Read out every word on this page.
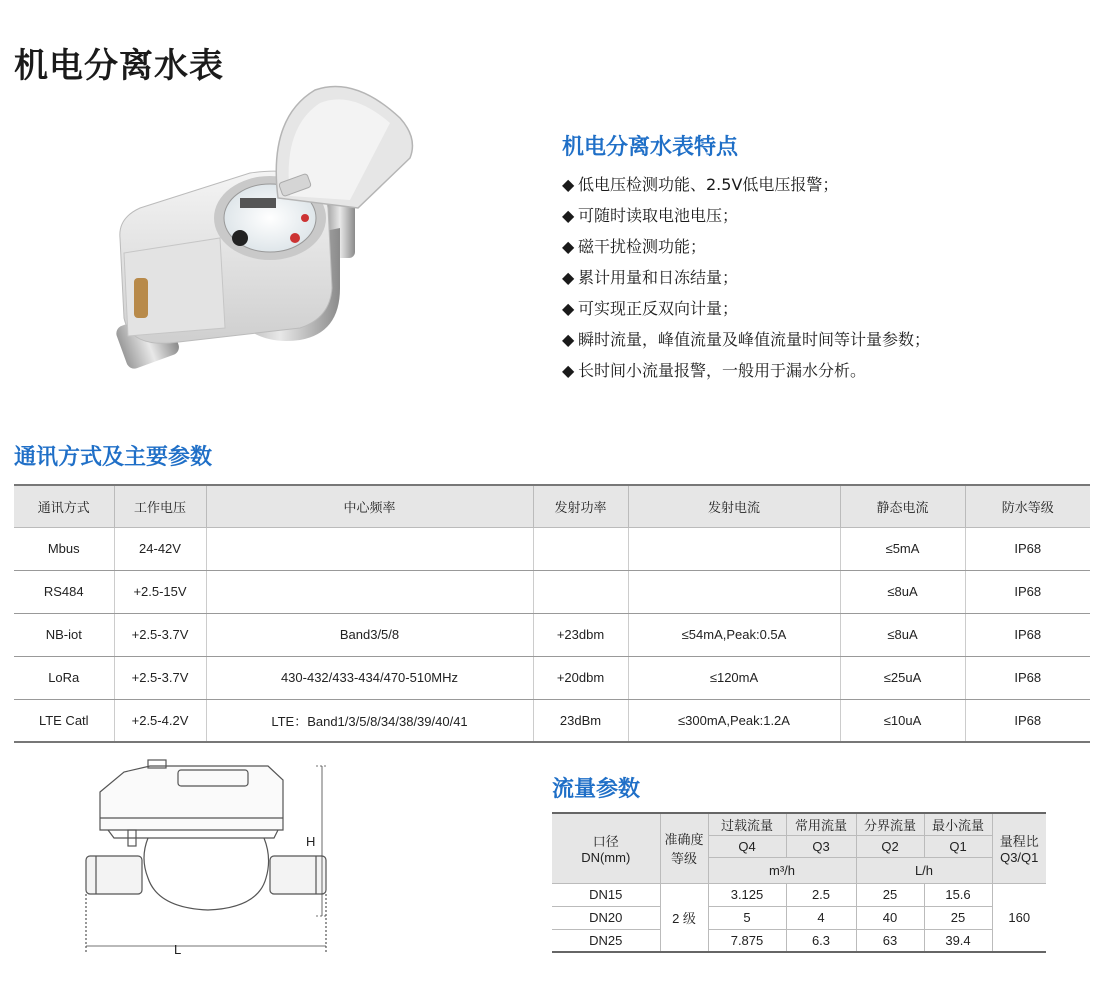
机电分离水表
机电分离水表特点
◆ 低电压检测功能、2.5V低电压报警；
◆ 可随时读取电池电压；
◆ 磁干扰检测功能；
◆ 累计用量和日冻结量；
◆ 可实现正反双向计量；
◆ 瞬时流量，峰值流量及峰值流量时间等计量参数；
◆ 长时间小流量报警，一般用于漏水分析。
通讯方式及主要参数
通讯方式	工作电压	中心频率	发射功率	发射电流	静态电流	防水等级
Mbus	24-42V				≤5mA	IP68
RS484	+2.5-15V				≤8uA	IP68
NB-iot	+2.5-3.7V	Band3/5/8	+23dbm	≤54mA,Peak:0.5A	≤8uA	IP68
LoRa	+2.5-3.7V	430-432/433-434/470-510MHz	+20dbm	≤120mA	≤25uA	IP68
LTE Catl	+2.5-4.2V	LTE：Band1/3/5/8/34/38/39/40/41	23dBm	≤300mA,Peak:1.2A	≤10uA	IP68
H
L
流量参数
口径
DN(mm)	准确度
等级	过载流量	常用流量	分界流量	最小流量	量程比
Q3/Q1
		Q4	Q3	Q2	Q1	
		m³/h		L/h		
DN15	2 级	3.125	2.5	25	15.6	160
DN20		5	4	40	25	
DN25		7.875	6.3	63	39.4	
